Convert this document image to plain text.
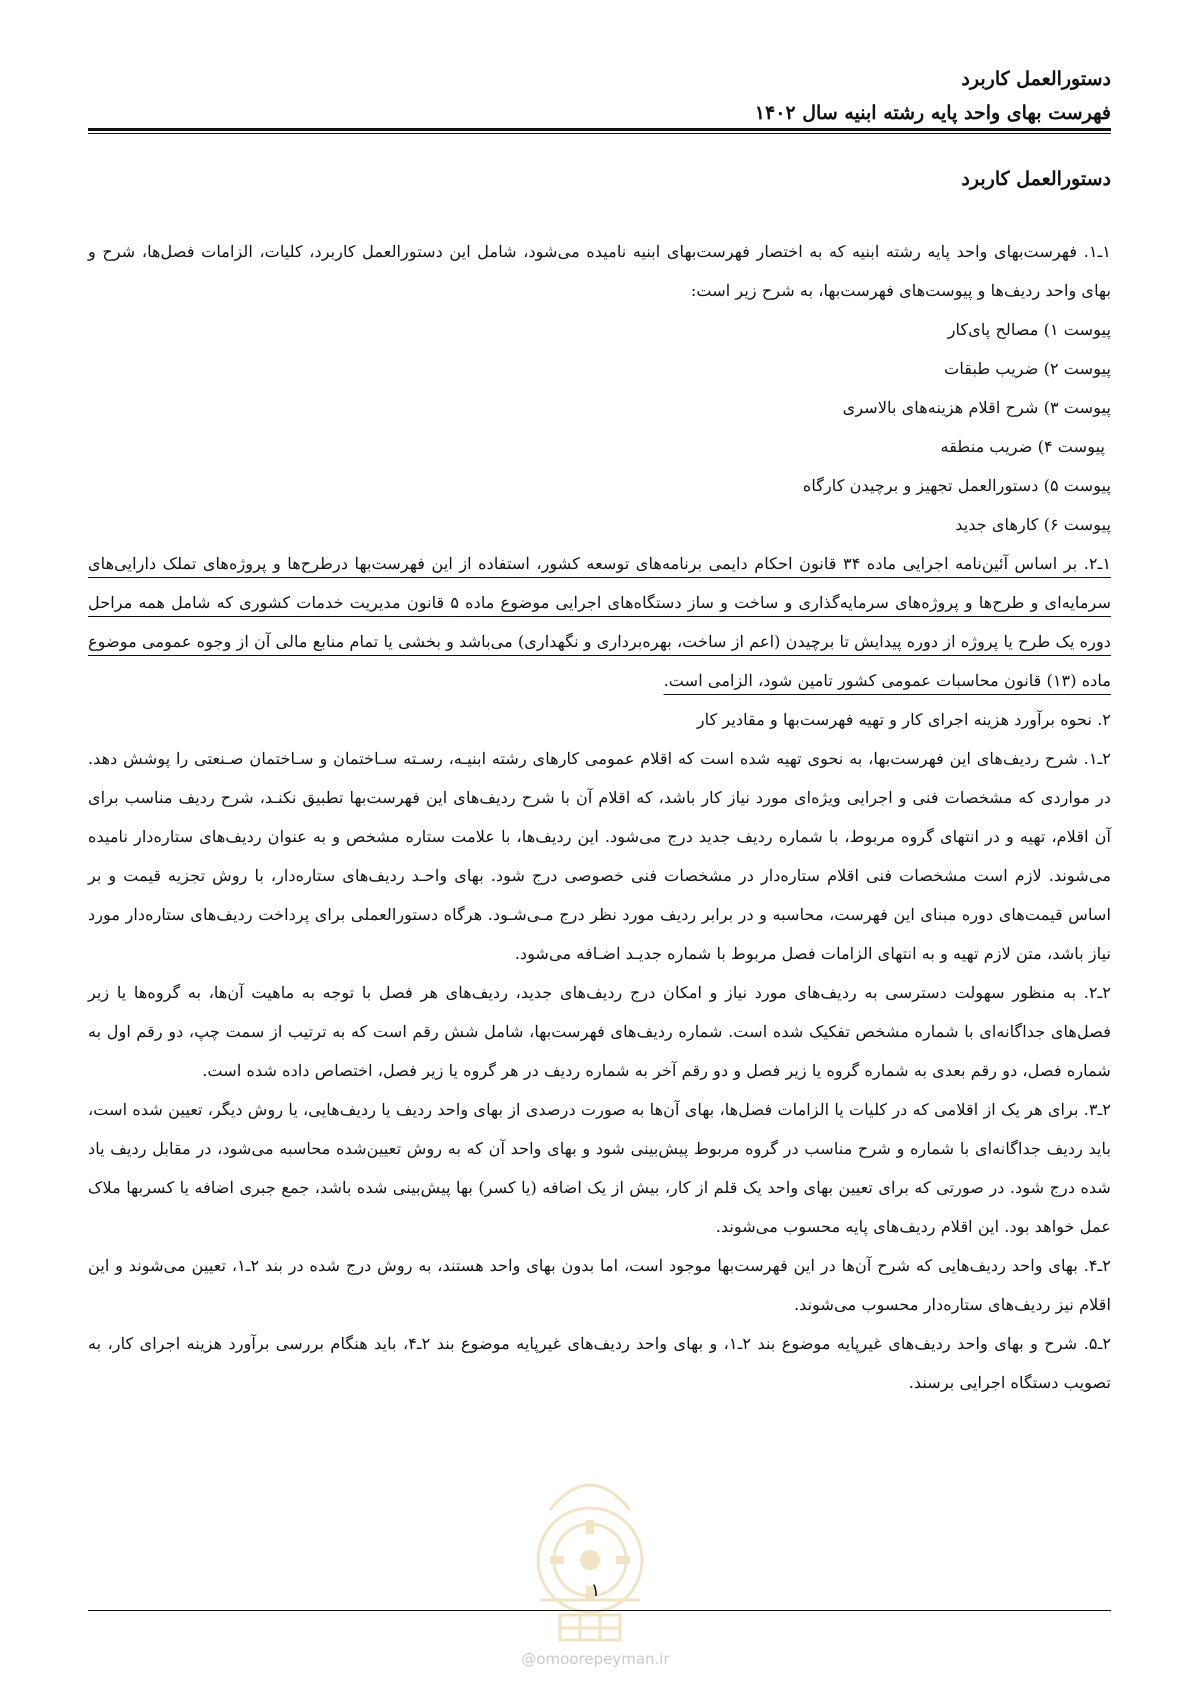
دستورالعمل کاربرد
فهرست بهای واحد پایه رشته ابنیه سال ۱۴۰۲
دستورالعمل کاربرد

۱ـ۱. فهرست‌بهای واحد پایه رشته ابنیه که به اختصار فهرست‌بهای ابنیه نامیده می‌شود، شامل این دستورالعمل کاربرد، کلیات، الزامات فصل‌ها، شرح و بهای واحد ردیف‌ها و پیوست‌های فهرست‌بها، به شرح زیر است:

پیوست ۱) مصالح پای‌کار

پیوست ۲) ضریب طبقات

پیوست ۳) شرح اقلام هزینه‌های بالاسری

پیوست ۴) ضریب منطقه

پیوست ۵) دستورالعمل تجهیز و برچیدن کارگاه

پیوست ۶) کارهای جدید

۱ـ۲. بر اساس آئین‌نامه اجرایی ماده ۳۴ قانون احکام دایمی برنامه‌های توسعه کشور، استفاده از این فهرست‌بها درطرح‌ها و پروژه‌های تملک دارایی‌های سرمایه‌ای و طرح‌ها و پروژه‌های سرمایه‌گذاری و ساخت و ساز دستگاه‌های اجرایی موضوع ماده ۵ قانون مدیریت خدمات کشوری که شامل همه مراحل دوره یک طرح یا پروژه از دوره پیدایش تا برچیدن (اعم از ساخت، بهره‌برداری و نگهداری) می‌باشد و بخشی یا تمام منابع مالی آن از وجوه عمومی موضوع ماده (۱۳) قانون محاسبات عمومی کشور تامین شود، الزامی است.

۲. نحوه برآورد هزینه اجرای کار و تهیه فهرست‌بها و مقادیر کار

۲ـ۱. شرح ردیف‌های این فهرست‌بها، به نحوی تهیه شده است که اقلام عمومی کارهای رشته ابنیـه، رسـته سـاختمان و سـاختمان صـنعتی را پوشش دهد. در مواردی که مشخصات فنی و اجرایی ویژه‌ای مورد نیاز کار باشد، که اقلام آن با شرح ردیف‌های این فهرست‌بها تطبیق نکنـد، شرح ردیف مناسب برای آن اقلام، تهیه و در انتهای گروه مربوط، با شماره ردیف جدید درج می‌شود. این ردیف‌ها، با علامت ستاره مشخص و به عنوان ردیف‌های ستاره‌دار نامیده می‌شوند. لازم است مشخصات فنی اقلام ستاره‌دار در مشخصات فنی خصوصی درج شود. بهای واحـد ردیف‌های ستاره‌دار، با روش تجزیه قیمت و بر اساس قیمت‌های دوره مبنای این فهرست، محاسبه و در برابر ردیف مورد نظر درج مـی‌شـود. هرگاه دستورالعملی برای پرداخت ردیف‌های ستاره‌دار مورد نیاز باشد، متن لازم تهیه و به انتهای الزامات فصل مربوط با شماره جدیـد اضـافه می‌شود.

۲ـ۲. به منظور سهولت دسترسی به ردیف‌های مورد نیاز و امکان درج ردیف‌های جدید، ردیف‌های هر فصل با توجه به ماهیت آن‌ها، به گروه‌ها یا زیر فصل‌های جداگانه‌ای با شماره مشخص تفکیک شده است. شماره ردیف‌های فهرست‌بها، شامل شش رقم است که به ترتیب از سمت چپ، دو رقم اول به شماره فصل، دو رقم بعدی به شماره گروه یا زیر فصل و دو رقم آخر به شماره ردیف در هر گروه یا زیر فصل، اختصاص داده شده است.

۲ـ۳. برای هر یک از اقلامی که در کلیات یا الزامات فصل‌ها، بهای آن‌ها به صورت درصدی از بهای واحد ردیف یا ردیف‌هایی، یا روش دیگر، تعیین شده است، باید ردیف جداگانه‌ای با شماره و شرح مناسب در گروه مربوط پیش‌بینی شود و بهای واحد آن که به روش تعیین‌شده محاسبه می‌شود، در مقابل ردیف یاد شده درج شود. در صورتی که برای تعیین بهای واحد یک قلم از کار، بیش از یک اضافه (یا کسر) بها پیش‌بینی شده باشد، جمع جبری اضافه یا کسربها ملاک عمل خواهد بود. این اقلام ردیف‌های پایه محسوب می‌شوند.

۲ـ۴. بهای واحد ردیف‌هایی که شرح آن‌ها در این فهرست‌بها موجود است، اما بدون بهای واحد هستند، به روش درج شده در بند ۲ـ۱، تعیین می‌شوند و این اقلام نیز ردیف‌های ستاره‌دار محسوب می‌شوند.

۲ـ۵. شرح و بهای واحد ردیف‌های غیرپایه موضوع بند ۲ـ۱، و بهای واحد ردیف‌های غیرپایه موضوع بند ۲ـ۴، باید هنگام بررسی برآورد هزینه اجرای کار، به تصویب دستگاه اجرایی برسند.

۱
@omoorepeyman.ir
